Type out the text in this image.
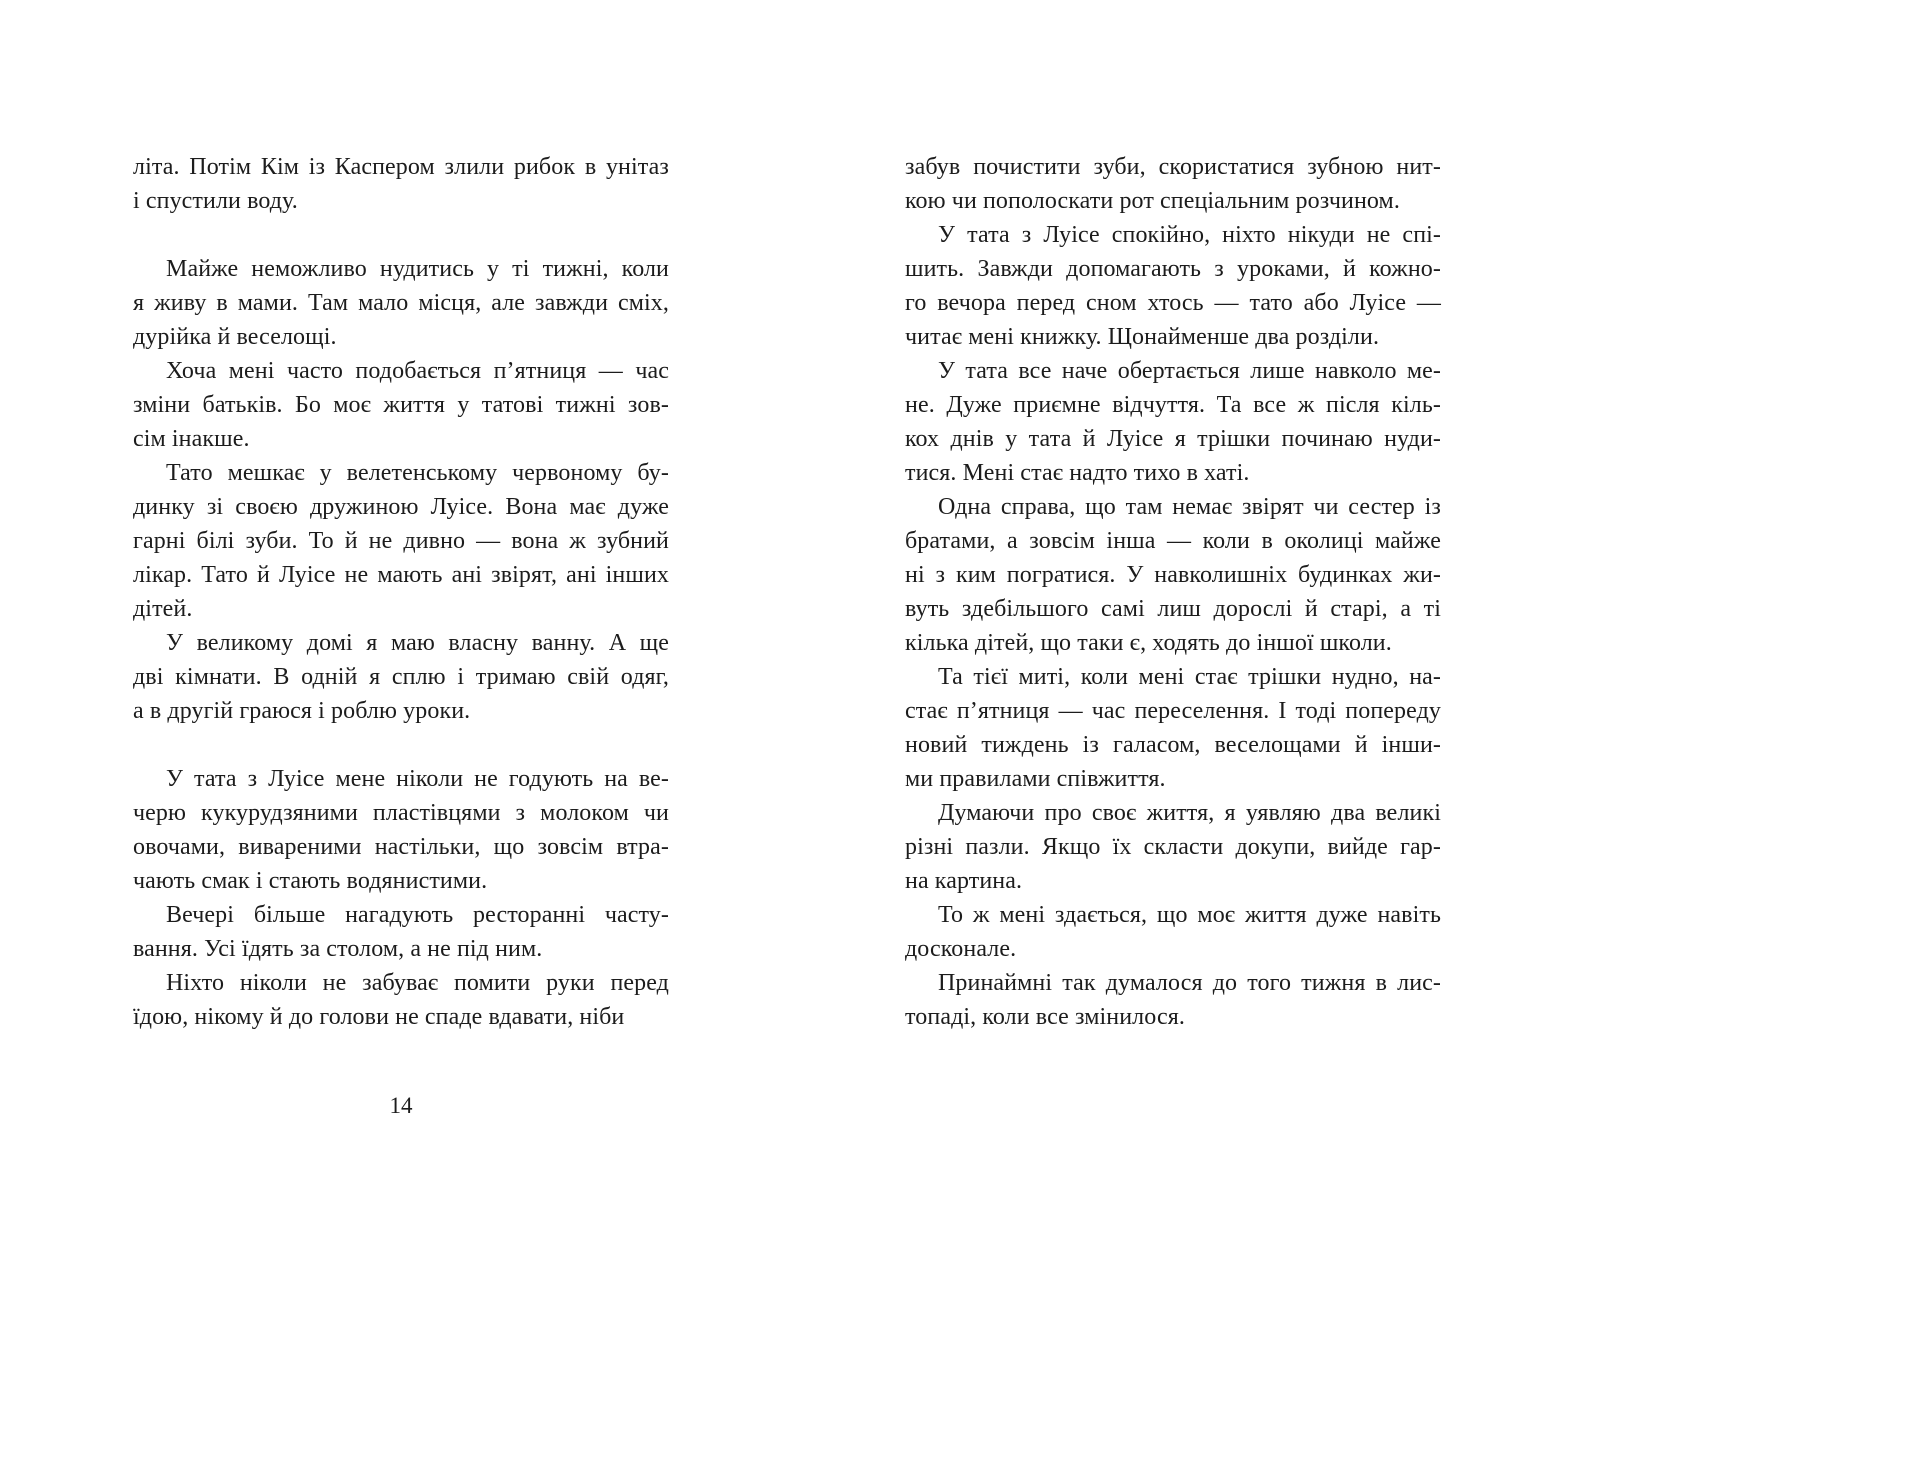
літа. Потім Кім із Каспером злили рибок в унітаз
і спустили воду.
Майже неможливо нудитись у ті тижні, коли
я живу в мами. Там мало місця, але завжди сміх,
дурійка й веселощі.
Хоча мені часто подобається п’ятниця — час
зміни батьків. Бо моє життя у татові тижні зов-
сім інакше.
Тато мешкає у велетенському червоному бу-
динку зі своєю дружиною Луісе. Вона має дуже
гарні білі зуби. То й не дивно — вона ж зубний
лікар. Тато й Луісе не мають ані звірят, ані інших
дітей.
У великому домі я маю власну ванну. А ще
дві кімнати. В одній я сплю і тримаю свій одяг,
а в другій граюся і роблю уроки.
У тата з Луісе мене ніколи не годують на ве-
черю кукурудзяними пластівцями з молоком чи
овочами, вивареними настільки, що зовсім втра-
чають смак і стають водянистими.
Вечері більше нагадують ресторанні часту-
вання. Усі їдять за столом, а не під ним.
Ніхто ніколи не забуває помити руки перед
їдою, нікому й до голови не спаде вдавати, ніби
14
забув почистити зуби, скористатися зубною нит-
кою чи пополоскати рот спеціальним розчином.
У тата з Луісе спокійно, ніхто нікуди не спі-
шить. Завжди допомагають з уроками, й кожно-
го вечора перед сном хтось — тато або Луісе —
читає мені книжку. Щонайменше два розділи.
У тата все наче обертається лише навколо ме-
не. Дуже приємне відчуття. Та все ж після кіль-
кох днів у тата й Луісе я трішки починаю нуди-
тися. Мені стає надто тихо в хаті.
Одна справа, що там немає звірят чи сестер із
братами, а зовсім інша — коли в околиці майже
ні з ким погратися. У навколишніх будинках жи-
вуть здебільшого самі лиш дорослі й старі, а ті
кілька дітей, що таки є, ходять до іншої школи.
Та тієї миті, коли мені стає трішки нудно, на-
стає п’ятниця — час переселення. І тоді попереду
новий тиждень із галасом, веселощами й інши-
ми правилами співжиття.
Думаючи про своє життя, я уявляю два великі
різні пазли. Якщо їх скласти докупи, вийде гар-
на картина.
То ж мені здається, що моє життя дуже навіть
досконале.
Принаймні так думалося до того тижня в лис-
топаді, коли все змінилося.
